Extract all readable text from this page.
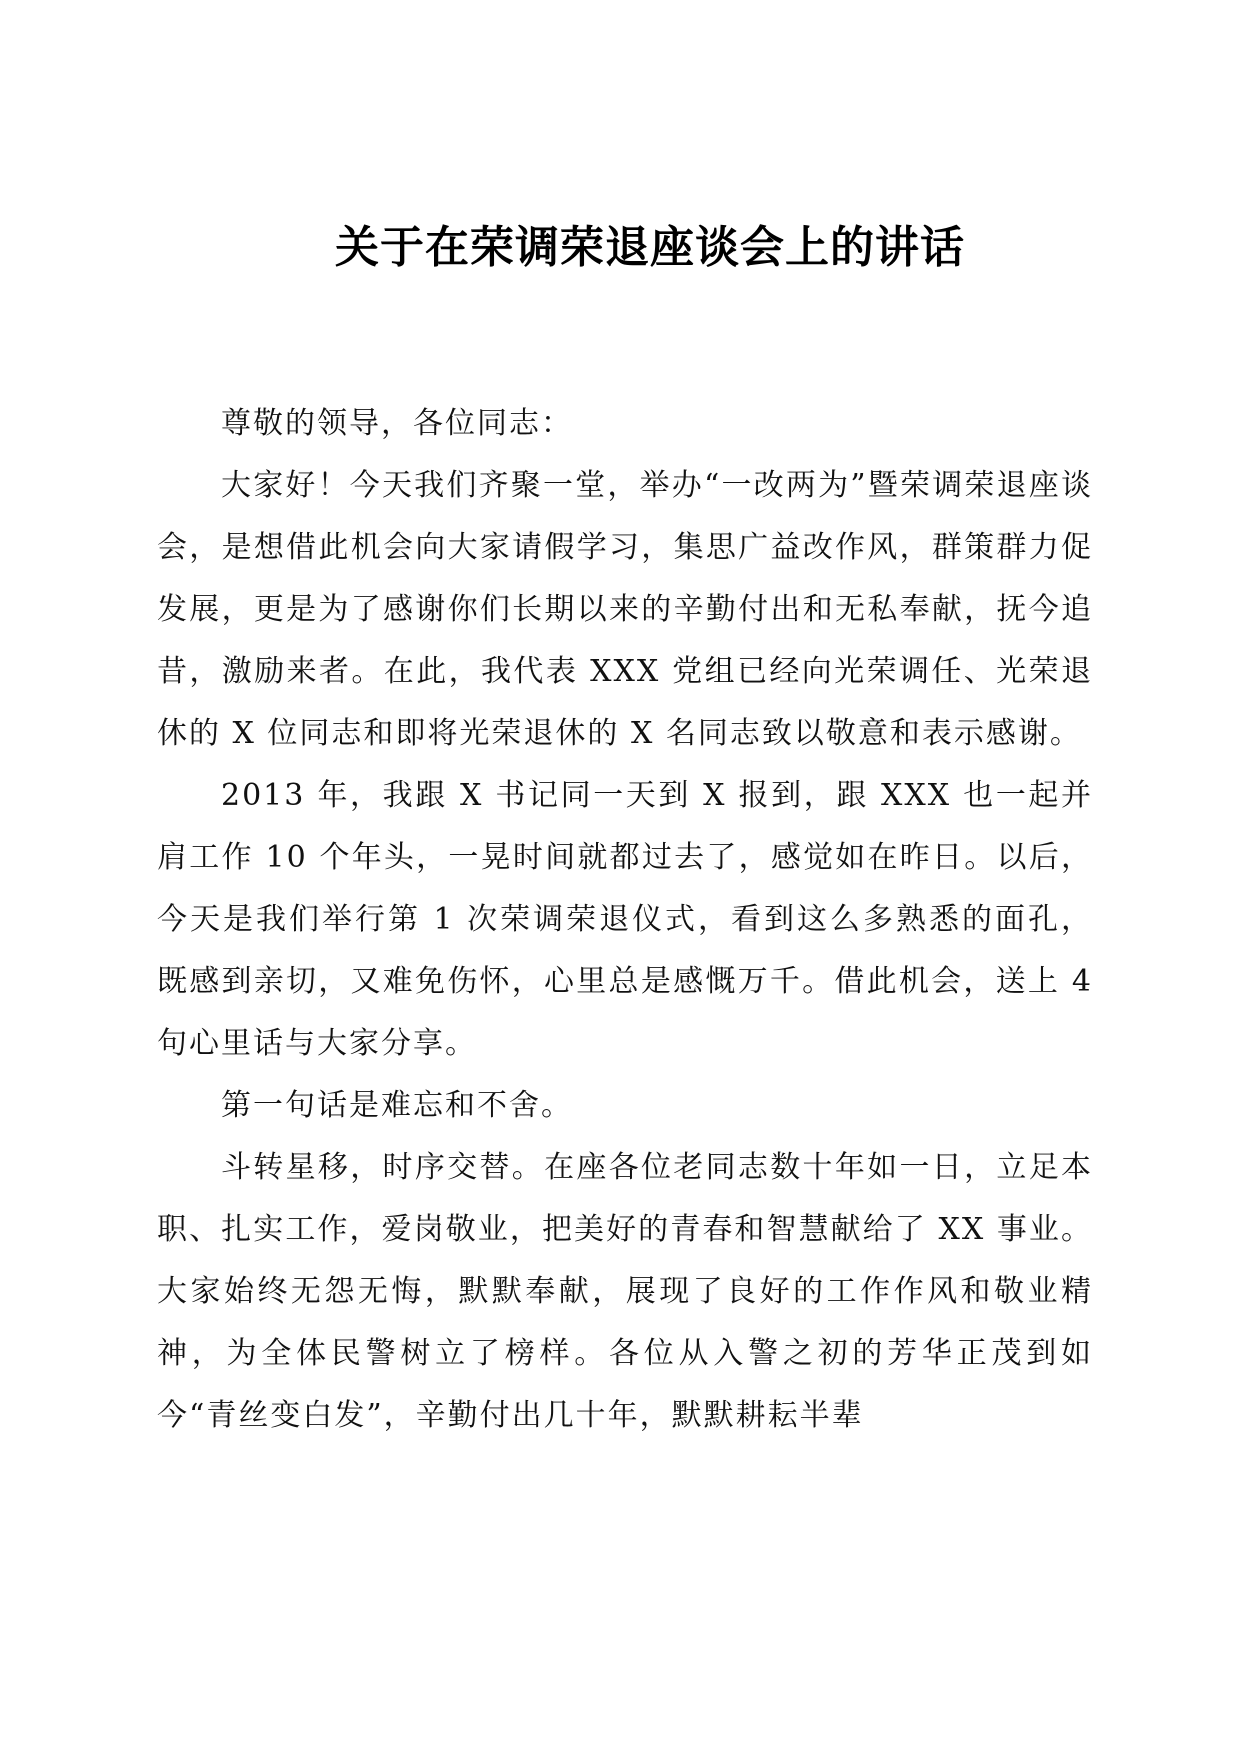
关于在荣调荣退座谈会上的讲话

尊敬的领导，各位同志：

大家好！今天我们齐聚一堂，举办“一改两为”暨荣调荣退座谈会，是想借此机会向大家请假学习，集思广益改作风，群策群力促发展，更是为了感谢你们长期以来的辛勤付出和无私奉献，抚今追昔，激励来者。在此，我代表 XXX 党组已经向光荣调任、光荣退休的 X 位同志和即将光荣退休的 X 名同志致以敬意和表示感谢。

2013 年，我跟 X 书记同一天到 X 报到，跟 XXX 也一起并肩工作 10 个年头，一晃时间就都过去了，感觉如在昨日。以后，今天是我们举行第 1 次荣调荣退仪式，看到这么多熟悉的面孔，既感到亲切，又难免伤怀，心里总是感慨万千。借此机会，送上 4 句心里话与大家分享。

第一句话是难忘和不舍。

斗转星移，时序交替。在座各位老同志数十年如一日，立足本职、扎实工作，爱岗敬业，把美好的青春和智慧献给了 XX 事业。大家始终无怨无悔，默默奉献，展现了良好的工作作风和敬业精神，为全体民警树立了榜样。各位从入警之初的芳华正茂到如今“青丝变白发”，辛勤付出几十年，默默耕耘半辈
